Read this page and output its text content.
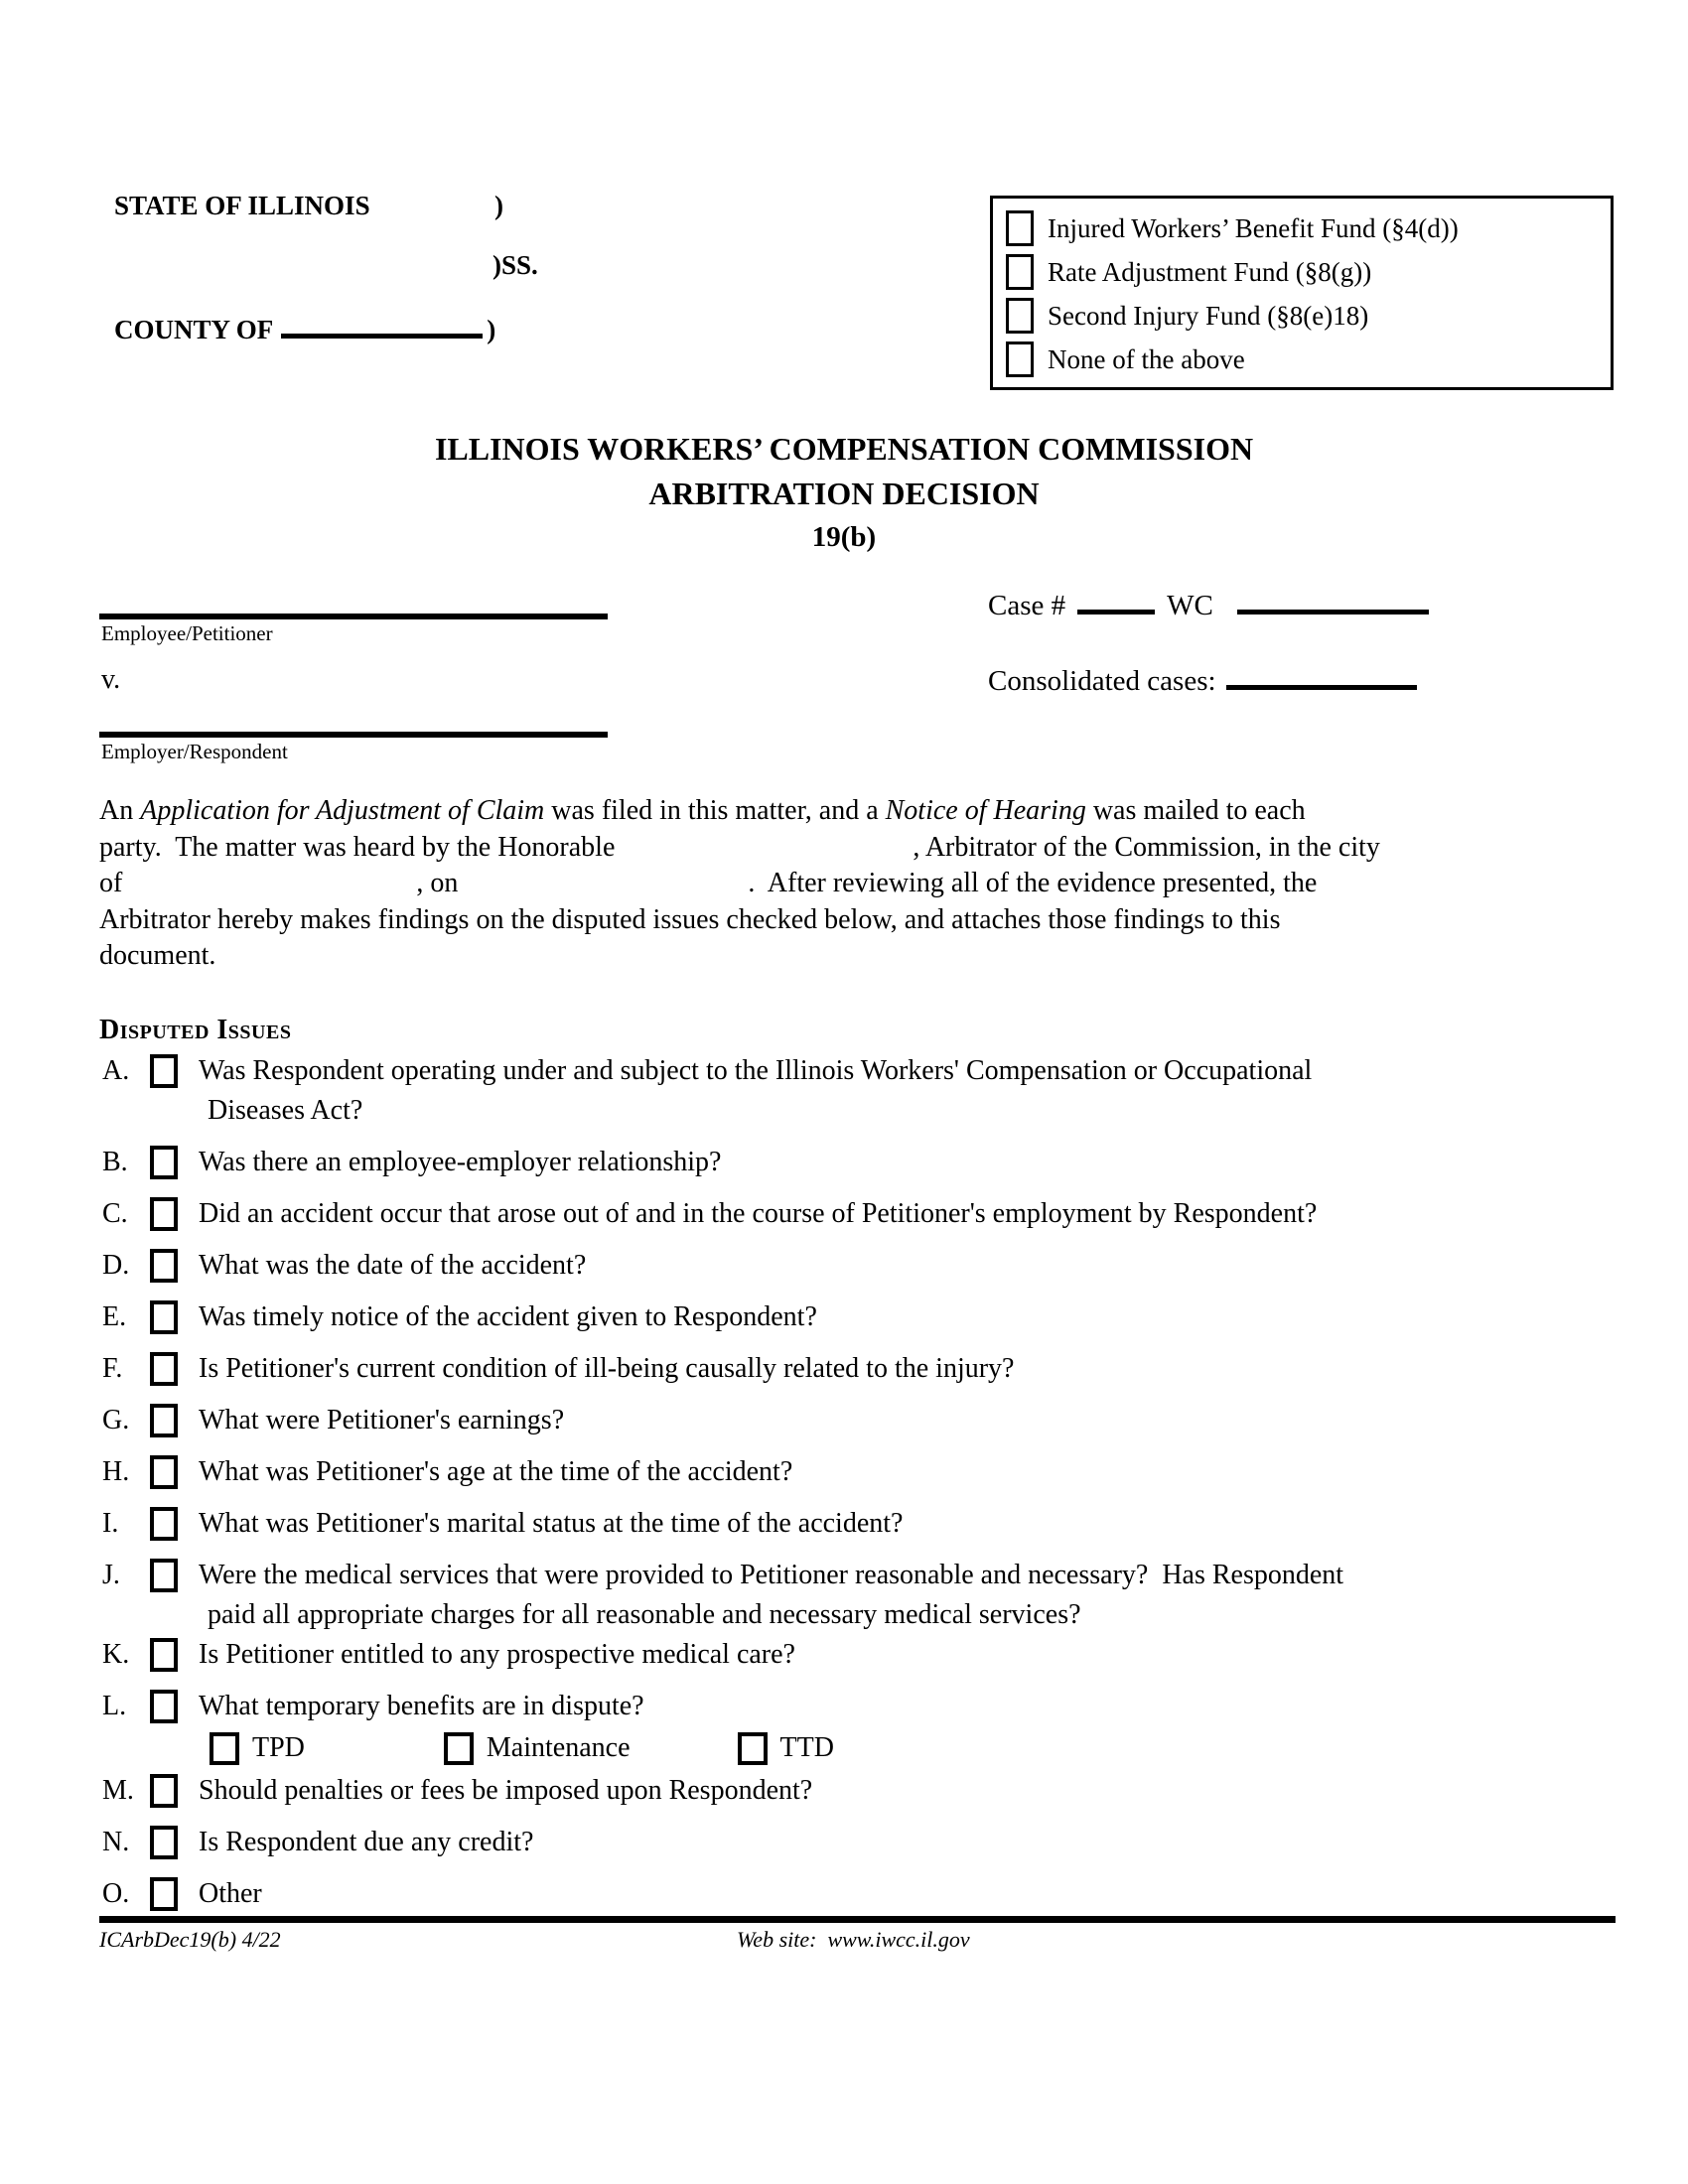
STATE OF ILLINOIS	)
)SS.
COUNTY OF	)
Injured Workers’ Benefit Fund (§4(d))
Rate Adjustment Fund (§8(g))
Second Injury Fund (§8(e)18)
None of the above
ILLINOIS WORKERS’ COMPENSATION COMMISSION
ARBITRATION DECISION
19(b)
Case #	WC
Consolidated cases:
Employee/Petitioner
v.
Employer/Respondent
An Application for Adjustment of Claim was filed in this matter, and a Notice of Hearing was mailed to each
party.  The matter was heard by the Honorable	, Arbitrator of the Commission, in the city
of	, on	.  After reviewing all of the evidence presented, the
Arbitrator hereby makes findings on the disputed issues checked below, and attaches those findings to this
document.
Disputed Issues
A.	Was Respondent operating under and subject to the Illinois Workers' Compensation or Occupational
Diseases Act?
B.	Was there an employee-employer relationship?
C.	Did an accident occur that arose out of and in the course of Petitioner's employment by Respondent?
D.	What was the date of the accident?
E.	Was timely notice of the accident given to Respondent?
F.	Is Petitioner's current condition of ill-being causally related to the injury?
G.	What were Petitioner's earnings?
H.	What was Petitioner's age at the time of the accident?
I.	What was Petitioner's marital status at the time of the accident?
J.	Were the medical services that were provided to Petitioner reasonable and necessary?  Has Respondent
paid all appropriate charges for all reasonable and necessary medical services?
K.	Is Petitioner entitled to any prospective medical care?
L.	What temporary benefits are in dispute?
TPD	Maintenance	TTD
M.	Should penalties or fees be imposed upon Respondent?
N.	Is Respondent due any credit?
O.	Other
ICArbDec19(b) 4/22	Web site:  www.iwcc.il.gov
